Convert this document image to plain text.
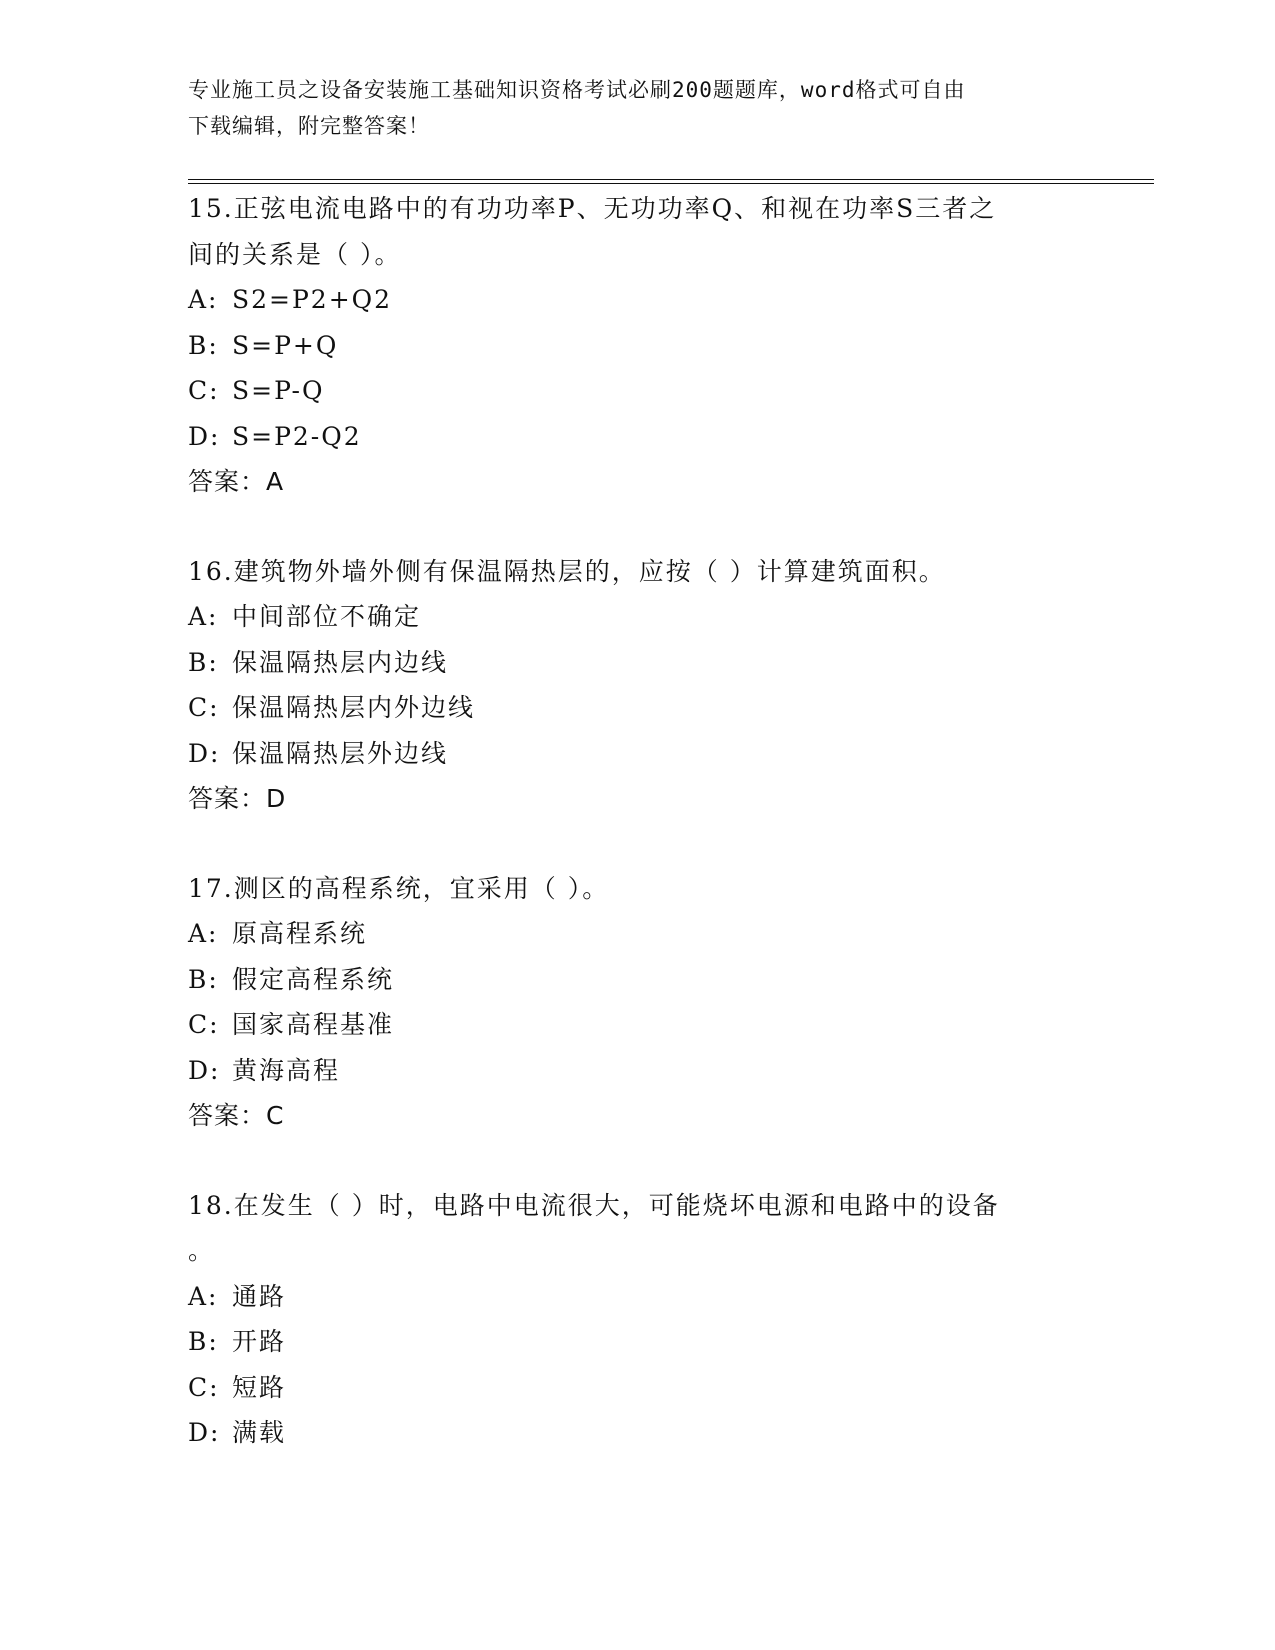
专业施工员之设备安装施工基础知识资格考试必刷200题题库，word格式可自由
下载编辑，附完整答案！
15.正弦电流电路中的有功功率P、无功功率Q、和视在功率S三者之
间的关系是（ ）。
A: S2=P2+Q2
B: S=P+Q
C: S=P-Q
D: S=P2-Q2
答案：A
16.建筑物外墙外侧有保温隔热层的，应按（ ）计算建筑面积。
A: 中间部位不确定
B: 保温隔热层内边线
C: 保温隔热层内外边线
D: 保温隔热层外边线
答案：D
17.测区的高程系统，宜采用（ ）。
A: 原高程系统
B: 假定高程系统
C: 国家高程基准
D: 黄海高程
答案：C
18.在发生（ ）时，电路中电流很大，可能烧坏电源和电路中的设备
。
A: 通路
B: 开路
C: 短路
D: 满载
